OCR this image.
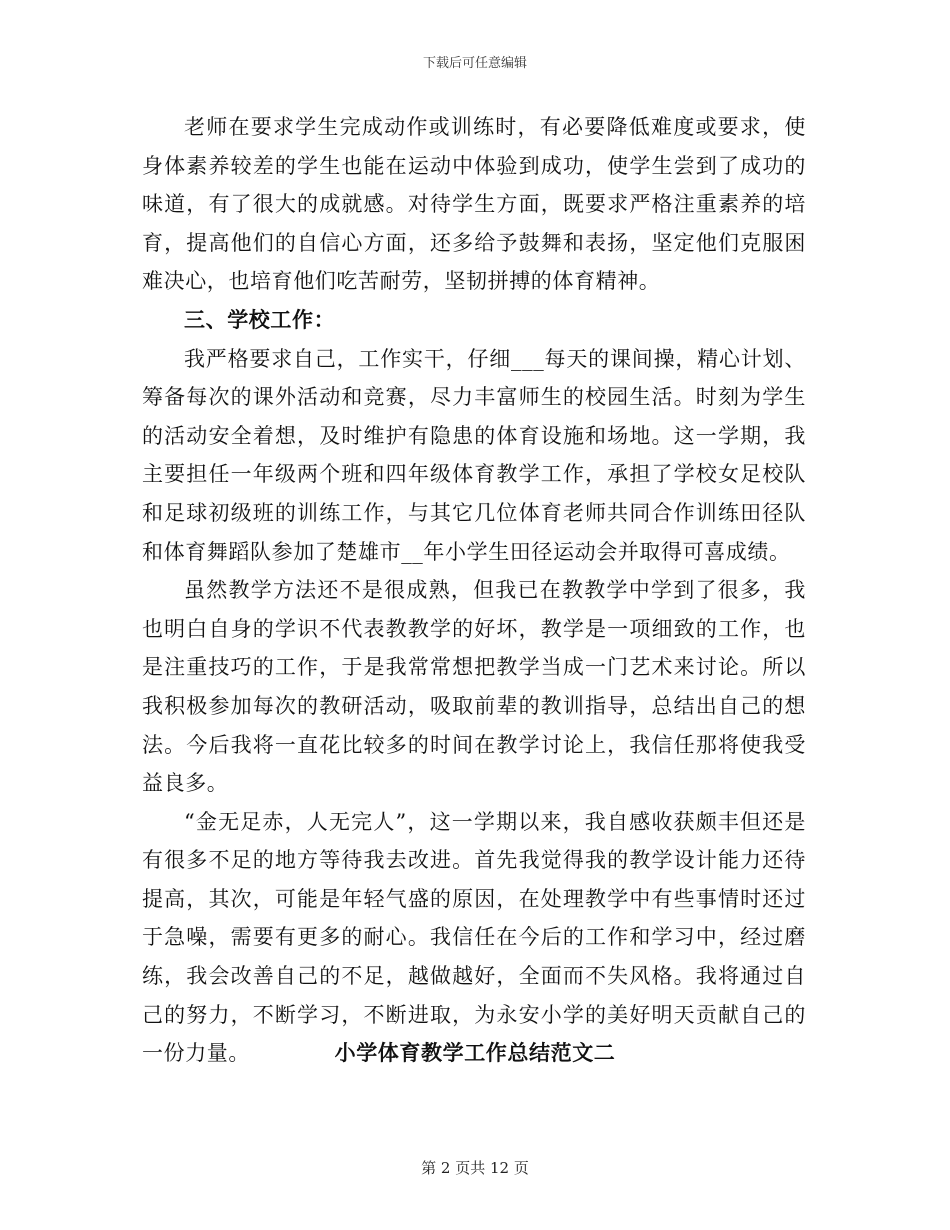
下载后可任意编辑

老师在要求学生完成动作或训练时，有必要降低难度或要求，使身体素养较差的学生也能在运动中体验到成功，使学生尝到了成功的味道，有了很大的成就感。对待学生方面，既要求严格注重素养的培育，提高他们的自信心方面，还多给予鼓舞和表扬，坚定他们克服困难决心，也培育他们吃苦耐劳，坚韧拼搏的体育精神。

三、学校工作：

我严格要求自己，工作实干，仔细___每天的课间操，精心计划、筹备每次的课外活动和竞赛，尽力丰富师生的校园生活。时刻为学生的活动安全着想，及时维护有隐患的体育设施和场地。这一学期，我主要担任一年级两个班和四年级体育教学工作，承担了学校女足校队和足球初级班的训练工作，与其它几位体育老师共同合作训练田径队和体育舞蹈队参加了楚雄市__年小学生田径运动会并取得可喜成绩。

虽然教学方法还不是很成熟，但我已在教教学中学到了很多，我也明白自身的学识不代表教教学的好坏，教学是一项细致的工作，也是注重技巧的工作，于是我常常想把教学当成一门艺术来讨论。所以我积极参加每次的教研活动，吸取前辈的教训指导，总结出自己的想法。今后我将一直花比较多的时间在教学讨论上，我信任那将使我受益良多。

“金无足赤，人无完人”，这一学期以来，我自感收获颇丰但还是有很多不足的地方等待我去改进。首先我觉得我的教学设计能力还待提高，其次，可能是年轻气盛的原因，在处理教学中有些事情时还过于急噪，需要有更多的耐心。我信任在今后的工作和学习中，经过磨练，我会改善自己的不足，越做越好，全面而不失风格。我将通过自己的努力，不断学习，不断进取，为永安小学的美好明天贡献自己的一份力量。	小学体育教学工作总结范文二
第 2 页共 12 页
